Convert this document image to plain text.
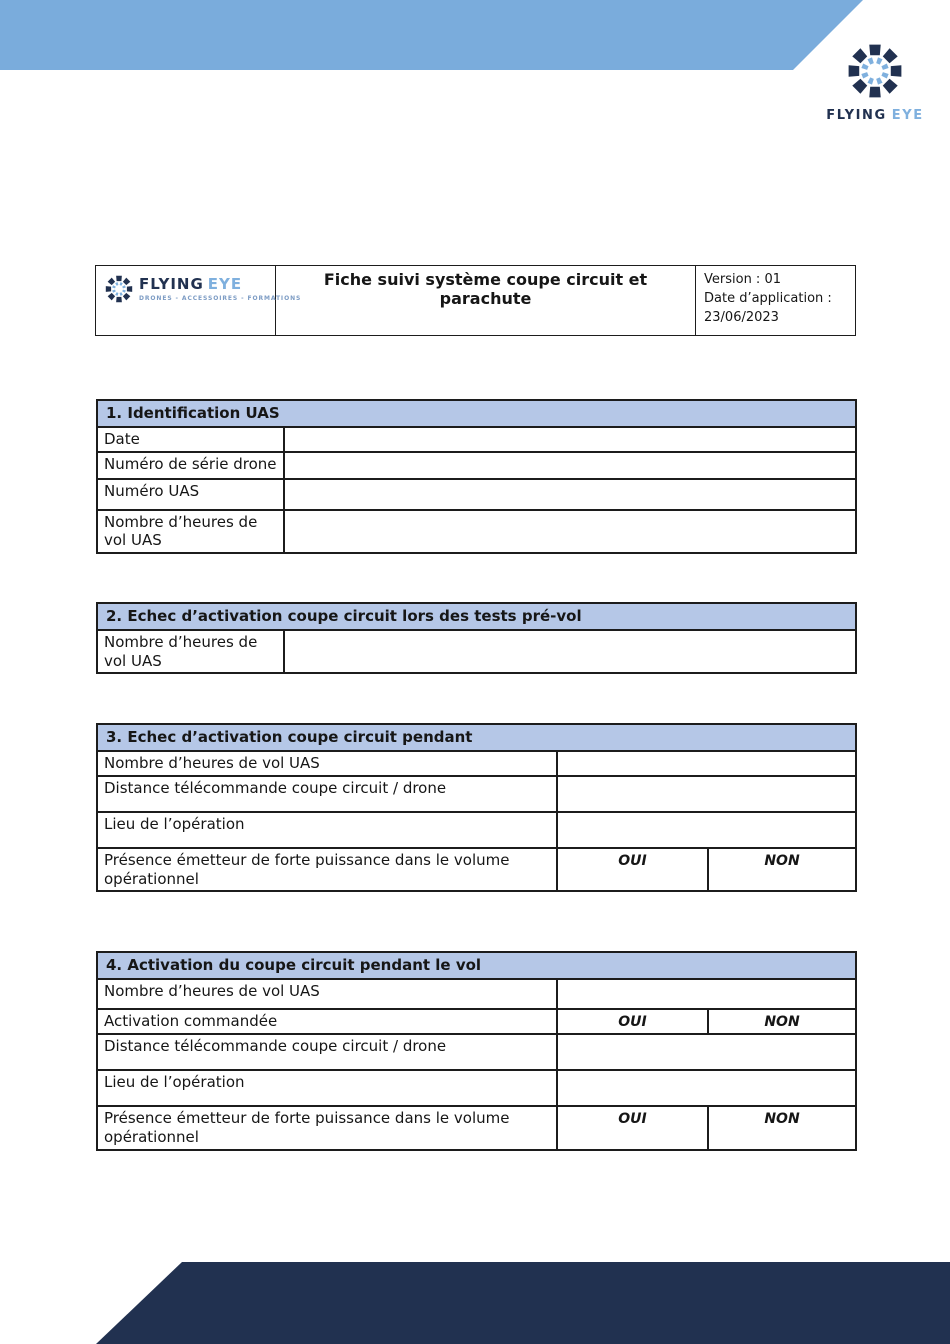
FLYING EYE
FLYING EYE
DRONES - ACCESSOIRES - FORMATIONS
	Fiche suivi système coupe circuit et parachute	
Version : 01
Date d’application :
23/06/2023
1. Identification UAS	
Date	
Numéro de série drone	
Numéro UAS	
Nombre d’heures de vol UAS	
2. Echec d’activation coupe circuit lors des tests pré-vol
Nombre d’heures de vol UAS	
3. Echec d’activation coupe circuit pendant		
Nombre d’heures de vol UAS		
Distance télécommande coupe circuit / drone		
Lieu de l’opération		
Présence émetteur de forte puissance dans le volume opérationnel	OUI	NON
4. Activation du coupe circuit pendant le vol		
Nombre d’heures de vol UAS		
Activation commandée	OUI	NON
Distance télécommande coupe circuit / drone		
Lieu de l’opération		
Présence émetteur de forte puissance dans le volume opérationnel	OUI	NON
